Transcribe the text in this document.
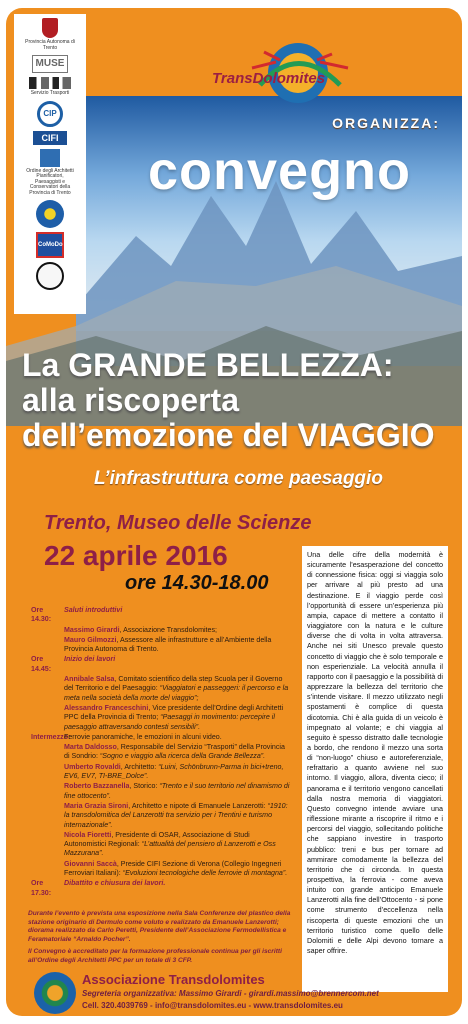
Provincia Autonoma di Trento
MUSE
Servizio Trasporti
CIP
CIFI
Ordine degli Architetti Pianificatori, Paesaggisti e Conservatori della Provincia di Trento
CoMoDo
TransDolomites
ORGANIZZA:
convegno
La GRANDE BELLEZZA:
alla riscoperta
dell’emozione del VIAGGIO
L’infrastruttura come paesaggio
Trento, Museo delle Scienze
22 aprile 2016
ore 14.30-18.00
Ore 14.30:
Saluti introduttivi
Massimo Girardi, Associazione Transdolomites;
Mauro Gilmozzi, Assessore alle infrastrutture e all’Ambiente della Provincia Autonoma di Trento.
Ore 14.45:
Inizio dei lavori
Annibale Salsa, Comitato scientifico della step Scuola per il Governo del Territorio e del Paesaggio: “Viaggiatori e passeggeri: il percorso e la meta nella società della morte del viaggio”;
Alessandro Franceschini, Vice presidente dell’Ordine degli Architetti PPC della Provincia di Trento; “Paesaggi in movimento: percepire il paesaggio attraversando contesti sensibili”.
Intermezzo:
Ferrovie panoramiche, le emozioni in alcuni video.
Marta Daldosso, Responsabile del Servizio “Trasporti” della Provincia di Sondrio: “Sogno e viaggio alla ricerca della Grande Bellezza”.
Umberto Rovaldi, Architetto: “Luini, Schönbrunn-Parma in bici+treno, EV6, EV7, TI-BRE_Dolce”.
Roberto Bazzanella, Storico: “Trento e il suo territorio nel dinamismo di fine ottocento”.
Maria Grazia Sironi, Architetto e nipote di Emanuele Lanzerotti: “1910: la transdolomitica del Lanzerotti tra servizio per i Trentini e turismo internazionale”.
Nicola Fioretti, Presidente di OSAR, Associazione di Studi Autonomistici Regionali: “L’attualità del pensiero di Lanzerotti e Oss Mazzurana”.
Giovanni Saccà, Preside CIFI Sezione di Verona (Collegio Ingegneri Ferroviari Italiani): “Evoluzioni tecnologiche delle ferrovie di montagna”.
Ore 17.30:
Dibattito e chiusura dei lavori.

Durante l’evento è prevista una esposizione nella Sala Conferenze del plastico della stazione originario di Dermulo come voluto e realizzato da Emanuele Lanzerotti; diorama realizzato da Carlo Peretti, Presidente dell’Associazione Fermodellistica e Feramatoriale “Arnaldo Pocher”.

Il Convegno è accreditato per la formazione professionale continua per gli iscritti all’Ordine degli Architetti PPC per un totale di 3 CFP.

Una delle cifre della modernità è sicuramente l’esasperazione del concetto di connessione fisica: oggi si viaggia solo per arrivare al più presto ad una destinazione. E il viaggio perde così l’opportunità di essere un’esperienza più ampia, capace di mettere a contatto il viaggiatore con la natura e le culture diverse che di volta in volta attraversa. Anche nei siti Unesco prevale questo concetto di viaggio che è solo temporale e non esperienziale. La velocità annulla il rapporto con il paesaggio e la possibilità di apprezzare la bellezza del territorio che s’intende visitare. Il mezzo utilizzato negli spostamenti è complice di questa dicotomia. Chi è alla guida di un veicolo è impegnato al volante; e chi viaggia al seguito è spesso distratto dalle tecnologie a bordo, che rendono il mezzo una sorta di “non-luogo” chiuso e autoreferenziale, refrattario a quanto avviene nel suo intorno. Il viaggio, allora, diventa cieco; il panorama e il territorio vengono cancellati dalla nostra memoria di viaggiatori. Questo convegno intende avviare una riflessione mirante a riscoprire il ritmo e i percorsi del viaggio, sollecitando politiche che sappiano investire in trasporto pubblico: treni e bus per tornare ad ammirare comodamente la bellezza del territorio che ci circonda. In questa prospettiva, la ferrovia - come aveva intuito con grande anticipo Emanuele Lanzerotti alla fine dell’Ottocento - si pone come strumento d’eccellenza nella riscoperta di queste emozioni che un territorio turistico come quello delle Dolomiti e delle Alpi devono tornare a saper offrire.
Associazione Transdolomites
Segreteria organizzativa: Massimo Girardi - girardi.massimo@brennercom.net
Cell. 320.4039769 - info@transdolomites.eu - www.transdolomites.eu
